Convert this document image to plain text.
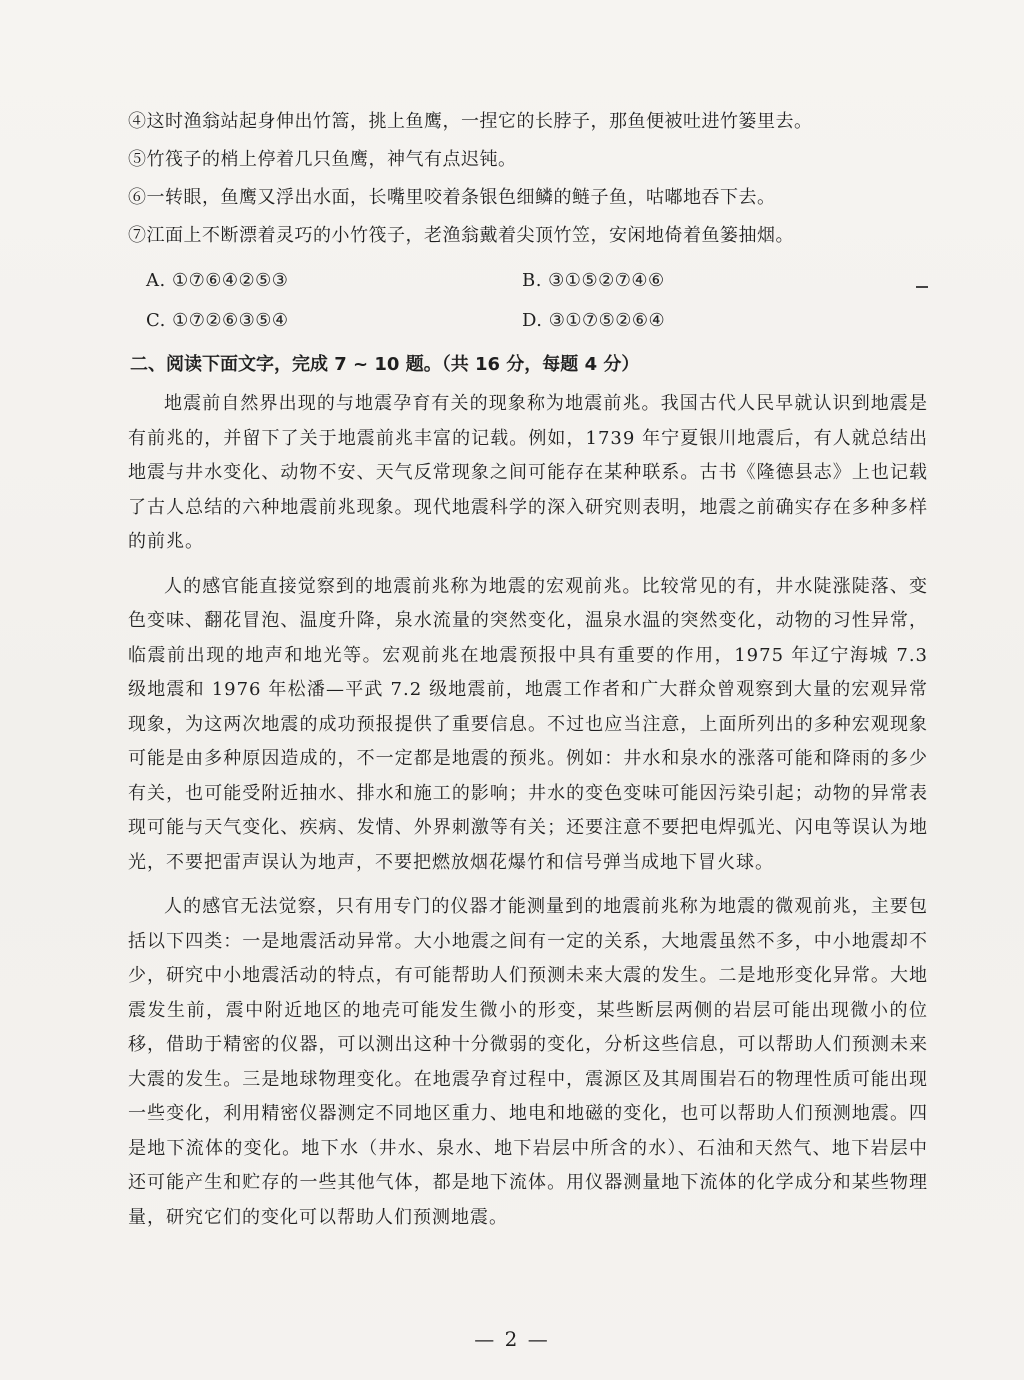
④这时渔翁站起身伸出竹篙，挑上鱼鹰，一捏它的长脖子，那鱼便被吐进竹篓里去。
⑤竹筏子的梢上停着几只鱼鹰，神气有点迟钝。
⑥一转眼，鱼鹰又浮出水面，长嘴里咬着条银色细鳞的鲢子鱼，咕嘟地吞下去。
⑦江面上不断漂着灵巧的小竹筏子，老渔翁戴着尖顶竹笠，安闲地倚着鱼篓抽烟。
A. ①⑦⑥④②⑤③	B. ③①⑤②⑦④⑥
C. ①⑦②⑥③⑤④	D. ③①⑦⑤②⑥④
二、阅读下面文字，完成 7 ~ 10 题。（共 16 分，每题 4 分）
地震前自然界出现的与地震孕育有关的现象称为地震前兆。我国古代人民早就认识到地震是有前兆的，并留下了关于地震前兆丰富的记载。例如，1739 年宁夏银川地震后，有人就总结出地震与井水变化、动物不安、天气反常现象之间可能存在某种联系。古书《隆德县志》上也记载了古人总结的六种地震前兆现象。现代地震科学的深入研究则表明，地震之前确实存在多种多样的前兆。
人的感官能直接觉察到的地震前兆称为地震的宏观前兆。比较常见的有，井水陡涨陡落、变色变味、翻花冒泡、温度升降，泉水流量的突然变化，温泉水温的突然变化，动物的习性异常，临震前出现的地声和地光等。宏观前兆在地震预报中具有重要的作用，1975 年辽宁海城 7.3 级地震和 1976 年松潘—平武 7.2 级地震前，地震工作者和广大群众曾观察到大量的宏观异常现象，为这两次地震的成功预报提供了重要信息。不过也应当注意，上面所列出的多种宏观现象可能是由多种原因造成的，不一定都是地震的预兆。例如：井水和泉水的涨落可能和降雨的多少有关，也可能受附近抽水、排水和施工的影响；井水的变色变味可能因污染引起；动物的异常表现可能与天气变化、疾病、发情、外界刺激等有关；还要注意不要把电焊弧光、闪电等误认为地光，不要把雷声误认为地声，不要把燃放烟花爆竹和信号弹当成地下冒火球。
人的感官无法觉察，只有用专门的仪器才能测量到的地震前兆称为地震的微观前兆，主要包括以下四类：一是地震活动异常。大小地震之间有一定的关系，大地震虽然不多，中小地震却不少，研究中小地震活动的特点，有可能帮助人们预测未来大震的发生。二是地形变化异常。大地震发生前，震中附近地区的地壳可能发生微小的形变，某些断层两侧的岩层可能出现微小的位移，借助于精密的仪器，可以测出这种十分微弱的变化，分析这些信息，可以帮助人们预测未来大震的发生。三是地球物理变化。在地震孕育过程中，震源区及其周围岩石的物理性质可能出现一些变化，利用精密仪器测定不同地区重力、地电和地磁的变化，也可以帮助人们预测地震。四是地下流体的变化。地下水（井水、泉水、地下岩层中所含的水）、石油和天然气、地下岩层中还可能产生和贮存的一些其他气体，都是地下流体。用仪器测量地下流体的化学成分和某些物理量，研究它们的变化可以帮助人们预测地震。
— 2 —
